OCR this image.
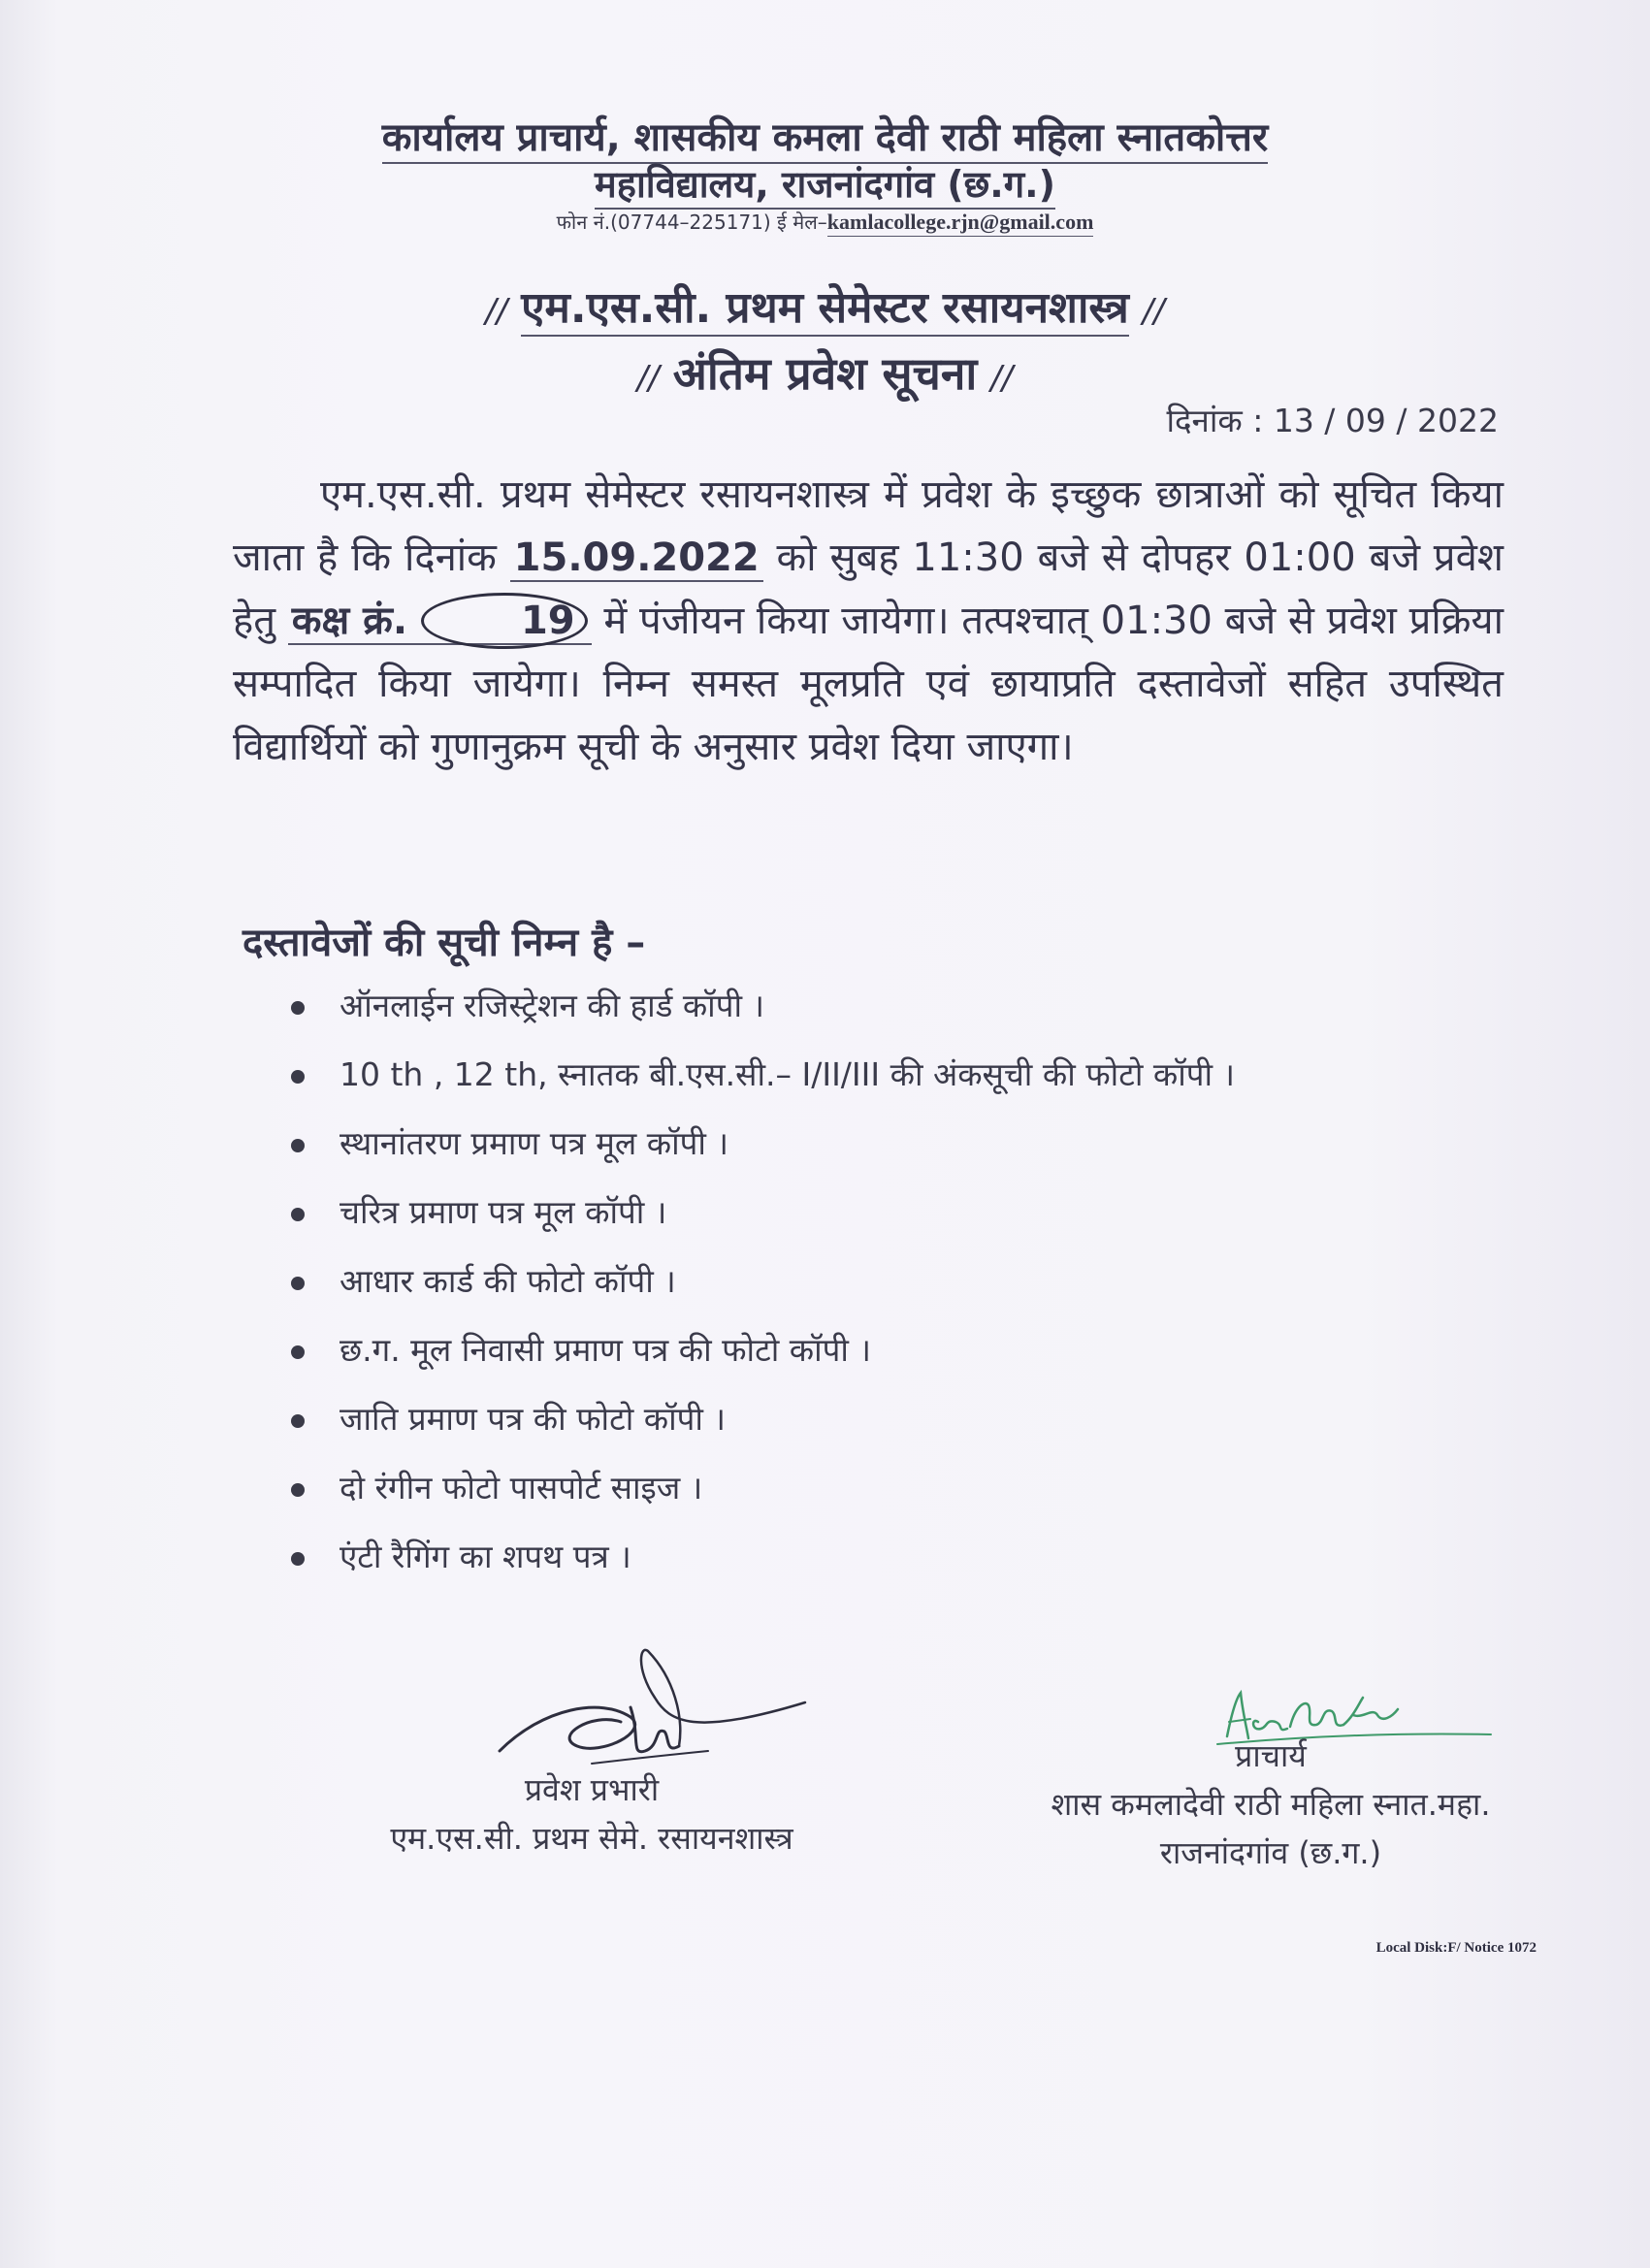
कार्यालय प्राचार्य, शासकीय कमला देवी राठी महिला स्नातकोत्तर
महाविद्यालय, राजनांदगांव (छ.ग.)
फोन नं.(07744–225171) ई मेल–kamlacollege.rjn@gmail.com
// एम.एस.सी. प्रथम सेमेस्टर रसायनशास्त्र //
// अंतिम प्रवेश सूचना //
दिनांक : 13 / 09 / 2022
एम.एस.सी. प्रथम सेमेस्टर रसायनशास्त्र में प्रवेश के इच्छुक छात्राओं को सूचित किया जाता है कि दिनांक 15.09.2022 को सुबह 11:30 बजे से दोपहर 01:00 बजे प्रवेश हेतु कक्ष क्रं.	19 में पंजीयन किया जायेगा। तत्पश्चात् 01:30 बजे से प्रवेश प्रक्रिया सम्पादित किया जायेगा। निम्न समस्त मूलप्रति एवं छायाप्रति दस्तावेजों सहित उपस्थित विद्यार्थियों को गुणानुक्रम सूची के अनुसार प्रवेश दिया जाएगा।
दस्तावेजों की सूची निम्न है –
ऑनलाईन रजिस्ट्रेशन की हार्ड कॉपी ।
10 th , 12 th, स्नातक बी.एस.सी.– I/II/III की अंकसूची की फोटो कॉपी ।
स्थानांतरण प्रमाण पत्र मूल कॉपी ।
चरित्र प्रमाण पत्र मूल कॉपी ।
आधार कार्ड की फोटो कॉपी ।
छ.ग. मूल निवासी प्रमाण पत्र की फोटो कॉपी ।
जाति प्रमाण पत्र की फोटो कॉपी ।
दो रंगीन फोटो पासपोर्ट साइज ।
एंटी रैगिंग का शपथ पत्र ।
प्रवेश प्रभारी
एम.एस.सी. प्रथम सेमे. रसायनशास्त्र
प्राचार्य
शास कमलादेवी राठी महिला स्नात.महा.
राजनांदगांव (छ.ग.)
Local Disk:F/ Notice 1072
